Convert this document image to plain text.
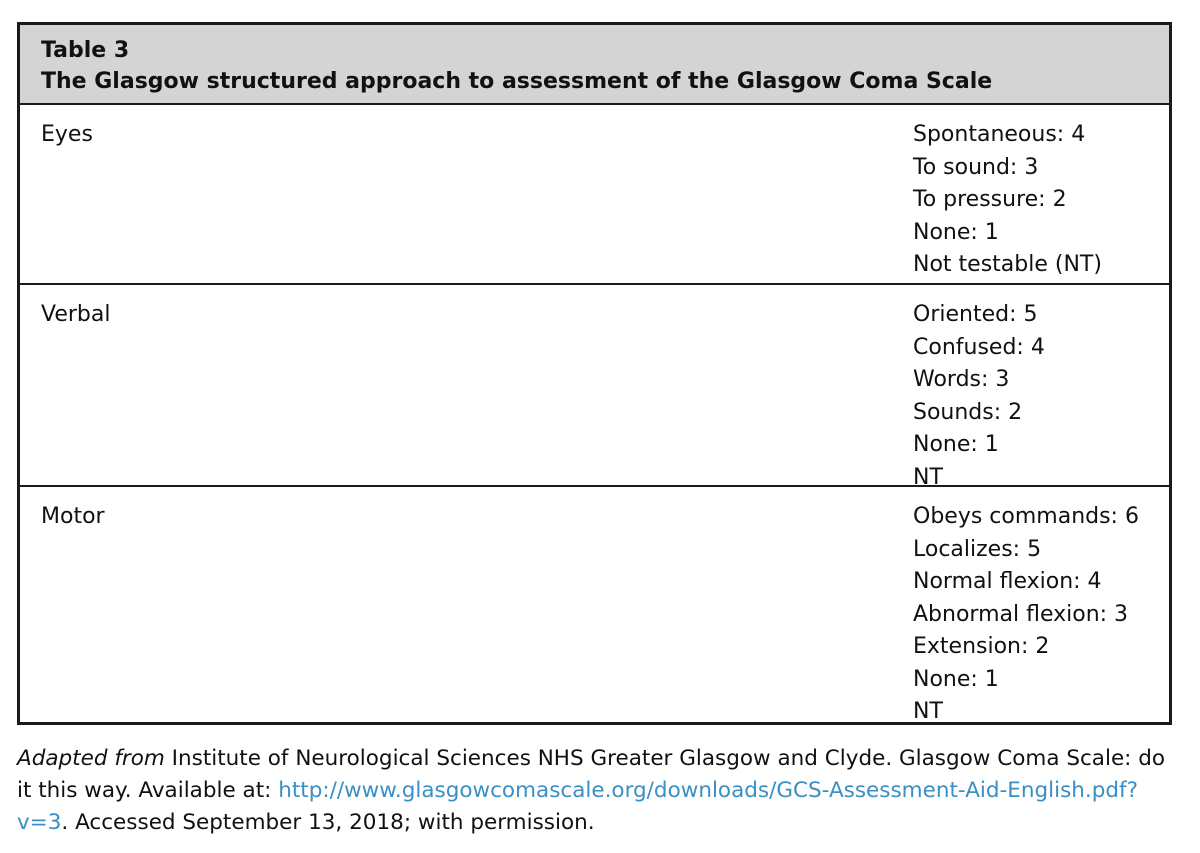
Table 3
The Glasgow structured approach to assessment of the Glasgow Coma Scale
Eyes	Spontaneous: 4
To sound: 3
To pressure: 2
None: 1
Not testable (NT)
Verbal	Oriented: 5
Confused: 4
Words: 3
Sounds: 2
None: 1
NT
Motor	Obeys commands: 6
Localizes: 5
Normal flexion: 4
Abnormal flexion: 3
Extension: 2
None: 1
NT
Adapted from Institute of Neurological Sciences NHS Greater Glasgow and Clyde. Glasgow Coma Scale: do it this way. Available at: http://www.glasgowcomascale.org/downloads/GCS-Assessment-Aid-English.pdf?v=3. Accessed September 13, 2018; with permission.
